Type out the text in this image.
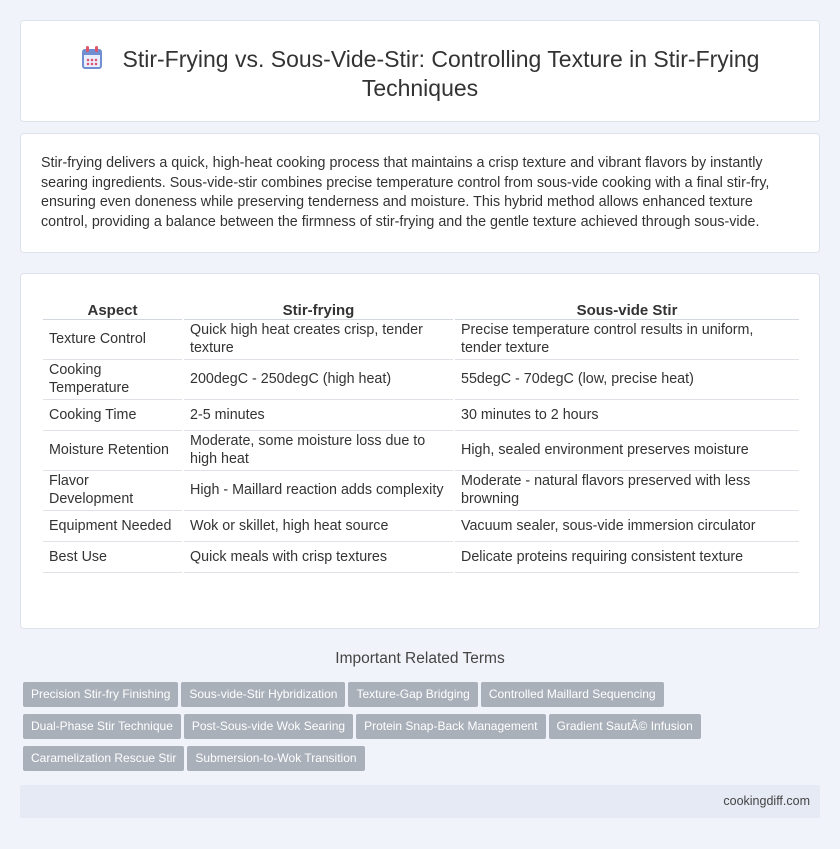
Stir-Frying vs. Sous-Vide-Stir: Controlling Texture in Stir-Frying Techniques

Stir-frying delivers a quick, high-heat cooking process that maintains a crisp texture and vibrant flavors by instantly searing ingredients. Sous-vide-stir combines precise temperature control from sous-vide cooking with a final stir-fry, ensuring even doneness while preserving tenderness and moisture. This hybrid method allows enhanced texture control, providing a balance between the firmness of stir-frying and the gentle texture achieved through sous-vide.

Aspect	Stir-frying	Sous-vide Stir
Texture Control	Quick high heat creates crisp, tender texture	Precise temperature control results in uniform, tender texture
Cooking Temperature	200degC - 250degC (high heat)	55degC - 70degC (low, precise heat)
Cooking Time	2-5 minutes	30 minutes to 2 hours
Moisture Retention	Moderate, some moisture loss due to high heat	High, sealed environment preserves moisture
Flavor Development	High - Maillard reaction adds complexity	Moderate - natural flavors preserved with less browning
Equipment Needed	Wok or skillet, high heat source	Vacuum sealer, sous-vide immersion circulator
Best Use	Quick meals with crisp textures	Delicate proteins requiring consistent texture
Important Related Terms
Precision Stir-fry Finishing Sous-vide-Stir Hybridization Texture-Gap Bridging Controlled Maillard Sequencing
Dual-Phase Stir Technique Post-Sous-vide Wok Searing Protein Snap-Back Management Gradient SautÃ© Infusion
Caramelization Rescue Stir Submersion-to-Wok Transition
cookingdiff.com
